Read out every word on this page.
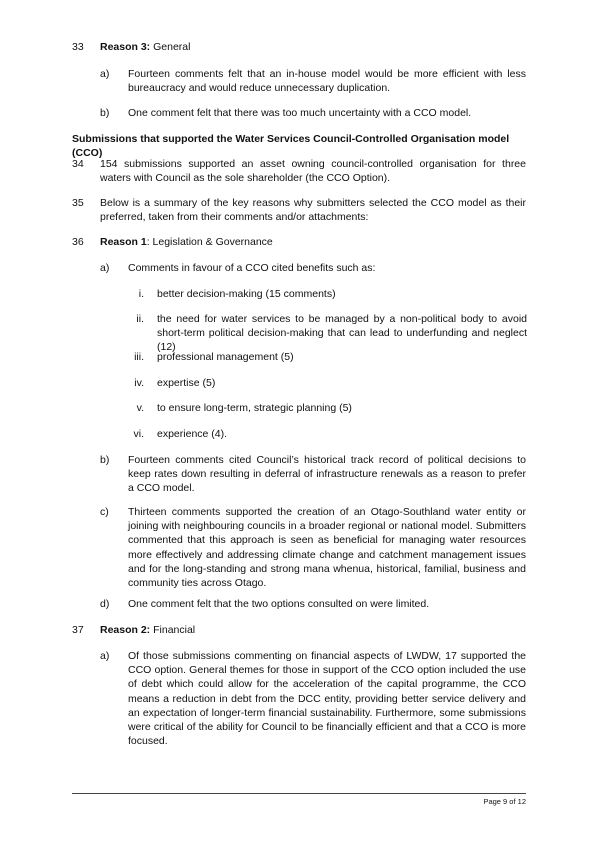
33 Reason 3: General
a) Fourteen comments felt that an in-house model would be more efficient with less bureaucracy and would reduce unnecessary duplication.
b) One comment felt that there was too much uncertainty with a CCO model.
Submissions that supported the Water Services Council-Controlled Organisation model (CCO)
34 154 submissions supported an asset owning council-controlled organisation for three waters with Council as the sole shareholder (the CCO Option).
35 Below is a summary of the key reasons why submitters selected the CCO model as their preferred, taken from their comments and/or attachments:
36 Reason 1: Legislation & Governance
a) Comments in favour of a CCO cited benefits such as:
i. better decision-making (15 comments)
ii. the need for water services to be managed by a non-political body to avoid short-term political decision-making that can lead to underfunding and neglect (12)
iii. professional management (5)
iv. expertise (5)
v. to ensure long-term, strategic planning (5)
vi. experience (4).
b) Fourteen comments cited Council’s historical track record of political decisions to keep rates down resulting in deferral of infrastructure renewals as a reason to prefer a CCO model.
c) Thirteen comments supported the creation of an Otago-Southland water entity or joining with neighbouring councils in a broader regional or national model. Submitters commented that this approach is seen as beneficial for managing water resources more effectively and addressing climate change and catchment management issues and for the long-standing and strong mana whenua, historical, familial, business and community ties across Otago.
d) One comment felt that the two options consulted on were limited.
37 Reason 2: Financial
a) Of those submissions commenting on financial aspects of LWDW, 17 supported the CCO option. General themes for those in support of the CCO option included the use of debt which could allow for the acceleration of the capital programme, the CCO means a reduction in debt from the DCC entity, providing better service delivery and an expectation of longer-term financial sustainability. Furthermore, some submissions were critical of the ability for Council to be financially efficient and that a CCO is more focused.
Page 9 of 12
